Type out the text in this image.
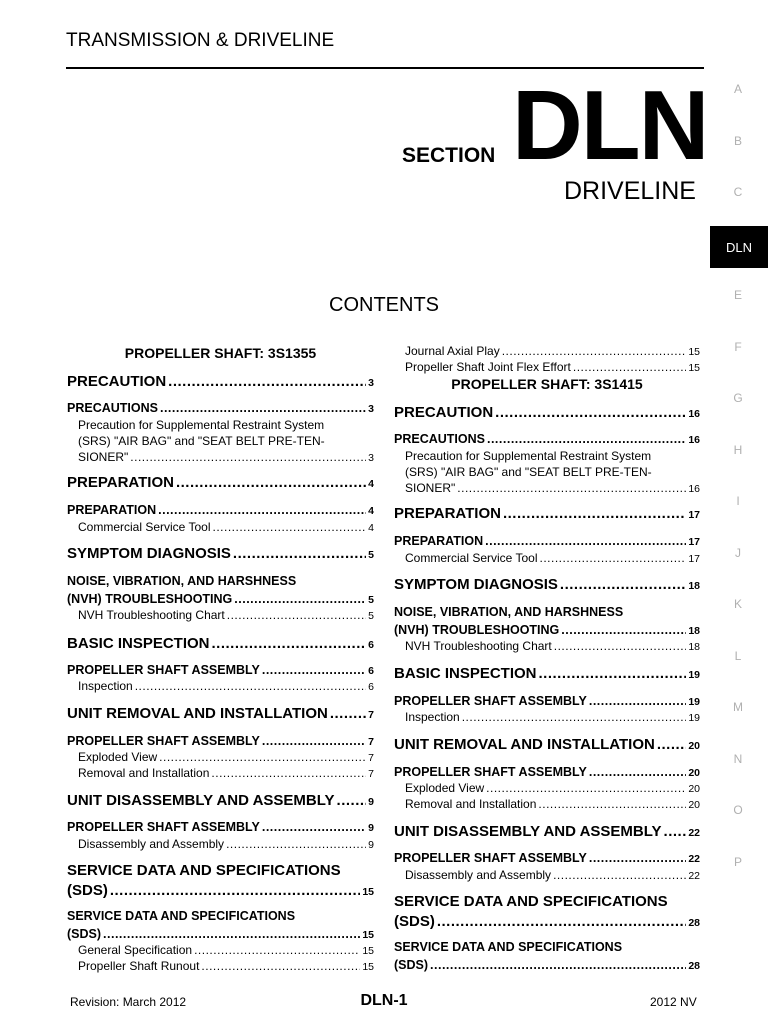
TRANSMISSION & DRIVELINE
SECTION DLN
DRIVELINE
A
B
C
DLN
E
F
G
H
I
J
K
L
M
N
O
P
CONTENTS
PROPELLER SHAFT: 3S1355
PRECAUTION .....	3
PRECAUTIONS .....	3
Precaution for Supplemental Restraint System
(SRS) "AIR BAG" and "SEAT BELT PRE-TEN-
SIONER" .....	3
PREPARATION .....	4
PREPARATION .....	4
Commercial Service Tool .....	4
SYMPTOM DIAGNOSIS .....	5
NOISE, VIBRATION, AND HARSHNESS
(NVH) TROUBLESHOOTING .....	5
NVH Troubleshooting Chart .....	5
BASIC INSPECTION .....	6
PROPELLER SHAFT ASSEMBLY .....	6
Inspection .....	6
UNIT REMOVAL AND INSTALLATION .....	7
PROPELLER SHAFT ASSEMBLY .....	7
Exploded View .....	7
Removal and Installation .....	7
UNIT DISASSEMBLY AND ASSEMBLY .....	9
PROPELLER SHAFT ASSEMBLY .....	9
Disassembly and Assembly .....	9
SERVICE DATA AND SPECIFICATIONS
(SDS) .....	15
SERVICE DATA AND SPECIFICATIONS
(SDS) .....	15
General Specification .....	15
Propeller Shaft Runout .....	15
Journal Axial Play .....	15
Propeller Shaft Joint Flex Effort .....	15
PROPELLER SHAFT: 3S1415
PRECAUTION .....	16
PRECAUTIONS .....	16
Precaution for Supplemental Restraint System
(SRS) "AIR BAG" and "SEAT BELT PRE-TEN-
SIONER" .....	16
PREPARATION .....	17
PREPARATION .....	17
Commercial Service Tool .....	17
SYMPTOM DIAGNOSIS .....	18
NOISE, VIBRATION, AND HARSHNESS
(NVH) TROUBLESHOOTING .....	18
NVH Troubleshooting Chart .....	18
BASIC INSPECTION .....	19
PROPELLER SHAFT ASSEMBLY .....	19
Inspection .....	19
UNIT REMOVAL AND INSTALLATION .....	20
PROPELLER SHAFT ASSEMBLY .....	20
Exploded View .....	20
Removal and Installation .....	20
UNIT DISASSEMBLY AND ASSEMBLY .....	22
PROPELLER SHAFT ASSEMBLY .....	22
Disassembly and Assembly .....	22
SERVICE DATA AND SPECIFICATIONS
(SDS) .....	28
SERVICE DATA AND SPECIFICATIONS
(SDS) .....	28
Revision: March 2012	DLN-1	2012 NV
